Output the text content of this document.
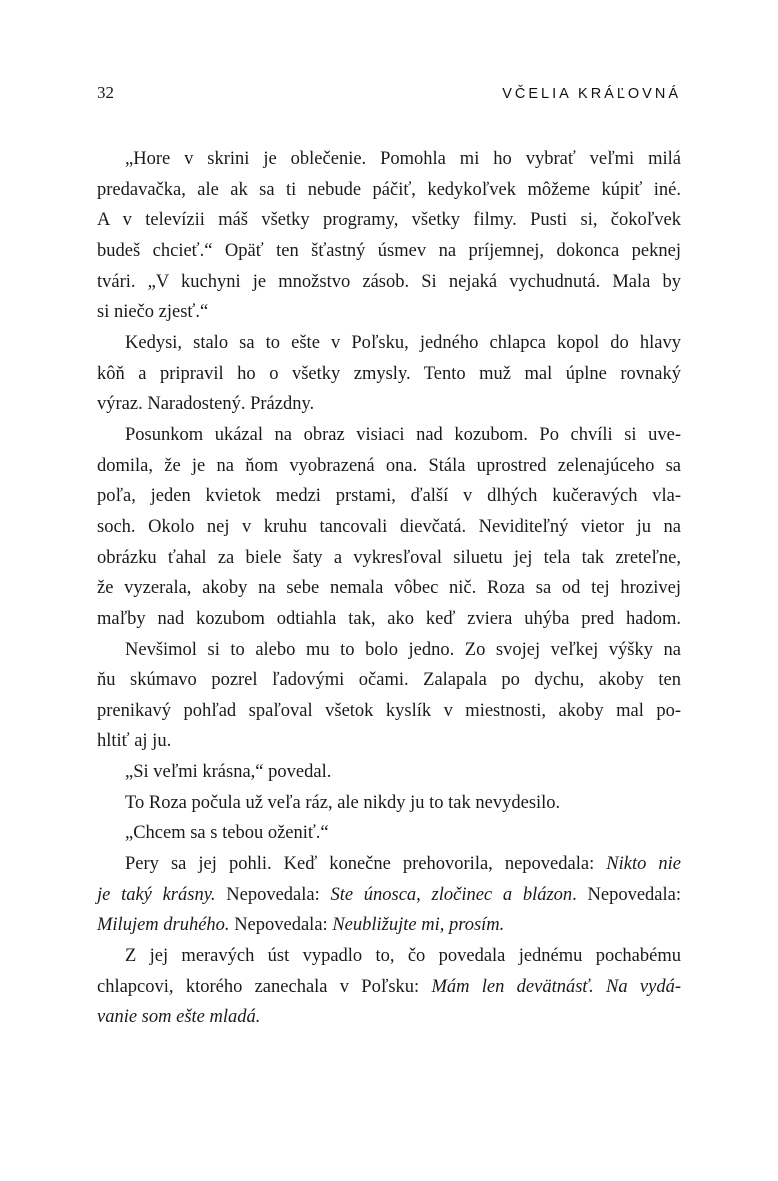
32	VČELIA KRÁĽOVNÁ
„Hore v skrini je oblečenie. Pomohla mi ho vybrať veľmi milá
predavačka, ale ak sa ti nebude páčiť, kedykoľvek môžeme kúpiť iné.
A v televízii máš všetky programy, všetky filmy. Pusti si, čokoľvek
budeš chcieť.“ Opäť ten šťastný úsmev na príjemnej, dokonca peknej
tvári. „V kuchyni je množstvo zásob. Si nejaká vychudnutá. Mala by
si niečo zjesť.“
Kedysi, stalo sa to ešte v Poľsku, jedného chlapca kopol do hlavy
kôň a pripravil ho o všetky zmysly. Tento muž mal úplne rovnaký
výraz. Naradostený. Prázdny.
Posunkom ukázal na obraz visiaci nad kozubom. Po chvíli si uve-
domila, že je na ňom vyobrazená ona. Stála uprostred zelenajúceho sa
poľa, jeden kvietok medzi prstami, ďalší v dlhých kučeravých vla-
soch. Okolo nej v kruhu tancovali dievčatá. Neviditeľný vietor ju na
obrázku ťahal za biele šaty a vykresľoval siluetu jej tela tak zreteľne,
že vyzerala, akoby na sebe nemala vôbec nič. Roza sa od tej hrozivej
maľby nad kozubom odtiahla tak, ako keď zviera uhýba pred hadom.
Nevšimol si to alebo mu to bolo jedno. Zo svojej veľkej výšky na
ňu skúmavo pozrel ľadovými očami. Zalapala po dychu, akoby ten
prenikavý pohľad spaľoval všetok kyslík v miestnosti, akoby mal po-
hltiť aj ju.
„Si veľmi krásna,“ povedal.
To Roza počula už veľa ráz, ale nikdy ju to tak nevydesilo.
„Chcem sa s tebou oženiť.“
Pery sa jej pohli. Keď konečne prehovorila, nepovedala: Nikto nie
je taký krásny. Nepovedala: Ste únosca, zločinec a blázon. Nepovedala:
Milujem druhého. Nepovedala: Neubližujte mi, prosím.
Z jej meravých úst vypadlo to, čo povedala jednému pochabému
chlapcovi, ktorého zanechala v Poľsku: Mám len devätnásť. Na vydá-
vanie som ešte mladá.
